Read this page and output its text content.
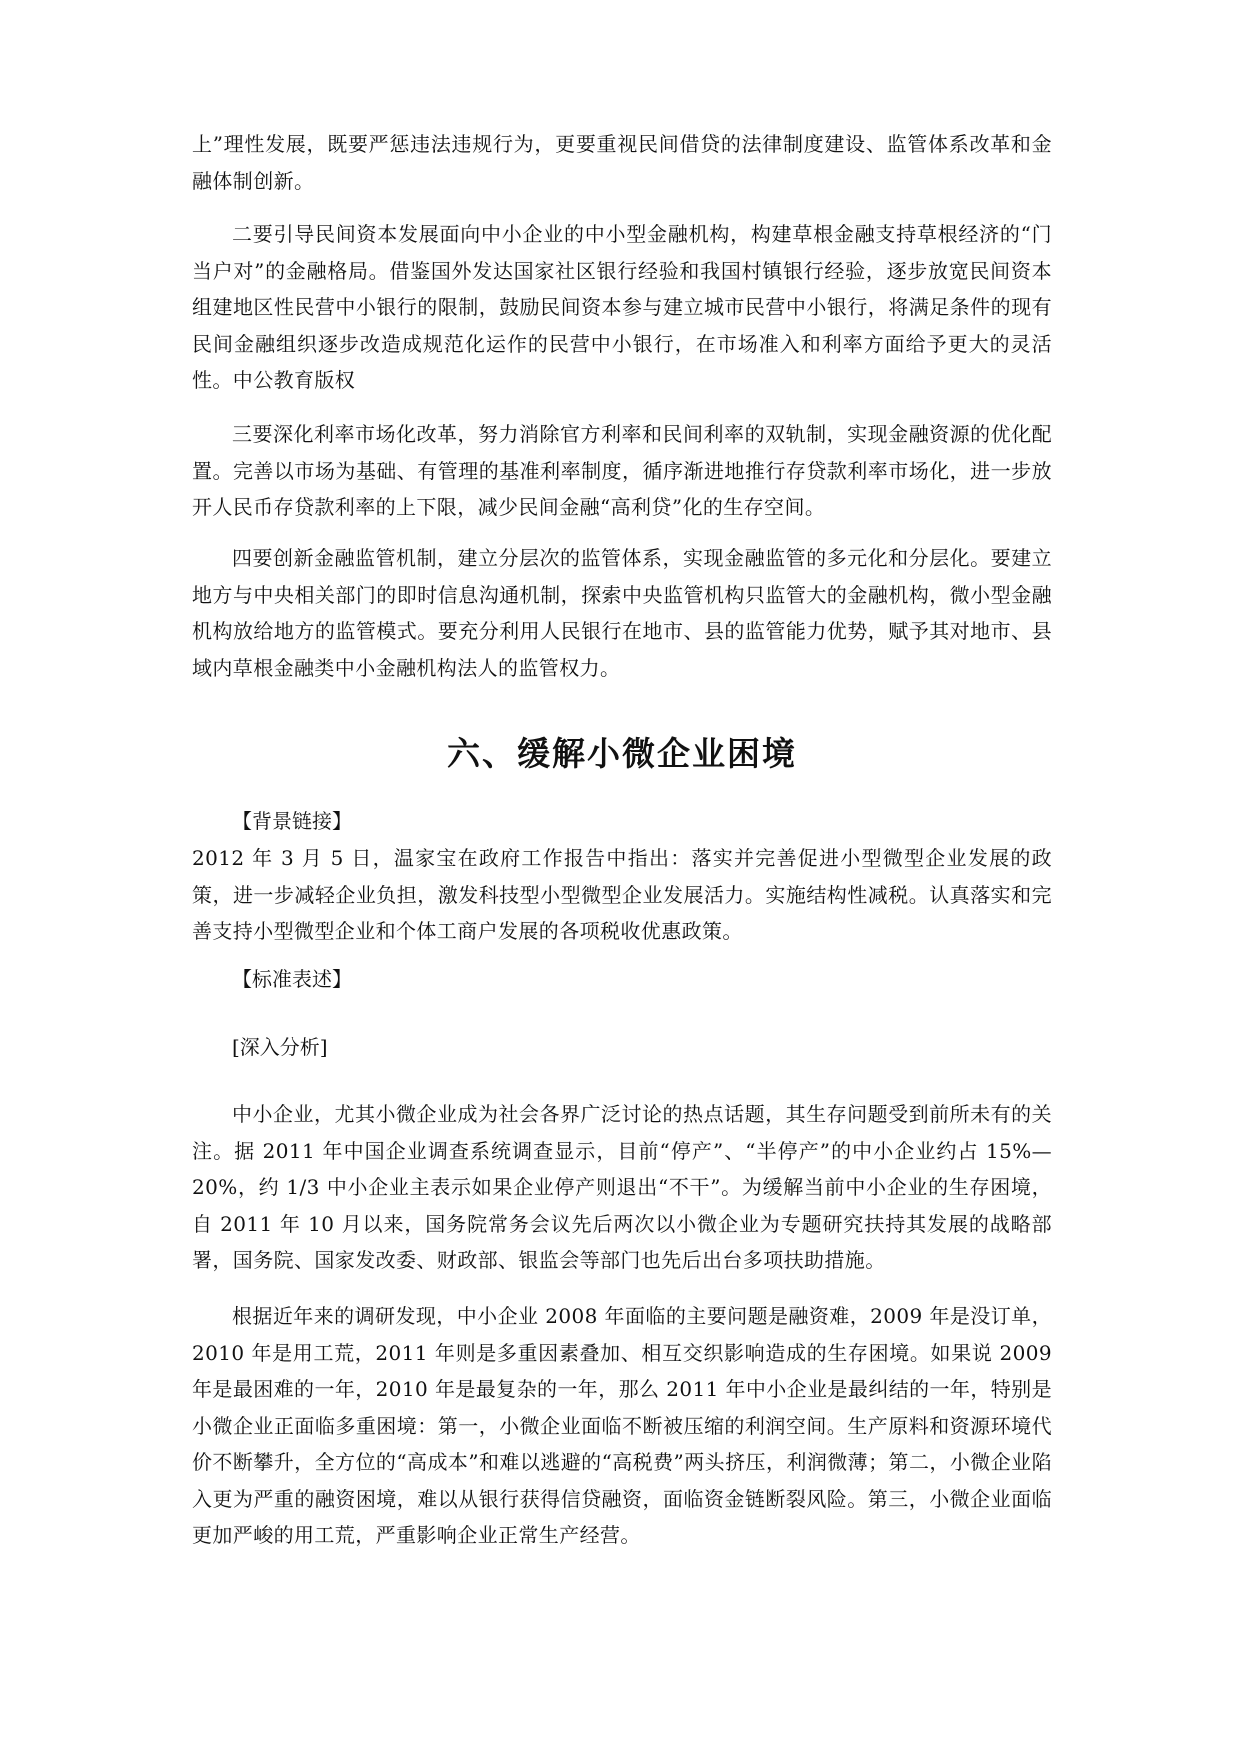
上”理性发展，既要严惩违法违规行为，更要重视民间借贷的法律制度建设、监管体系改革和金融体制创新。

二要引导民间资本发展面向中小企业的中小型金融机构，构建草根金融支持草根经济的“门当户对”的金融格局。借鉴国外发达国家社区银行经验和我国村镇银行经验，逐步放宽民间资本组建地区性民营中小银行的限制，鼓励民间资本参与建立城市民营中小银行，将满足条件的现有民间金融组织逐步改造成规范化运作的民营中小银行，在市场准入和利率方面给予更大的灵活性。中公教育版权

三要深化利率市场化改革，努力消除官方利率和民间利率的双轨制，实现金融资源的优化配置。完善以市场为基础、有管理的基准利率制度，循序渐进地推行存贷款利率市场化，进一步放开人民币存贷款利率的上下限，减少民间金融“高利贷”化的生存空间。

四要创新金融监管机制，建立分层次的监管体系，实现金融监管的多元化和分层化。要建立地方与中央相关部门的即时信息沟通机制，探索中央监管机构只监管大的金融机构，微小型金融机构放给地方的监管模式。要充分利用人民银行在地市、县的监管能力优势，赋予其对地市、县域内草根金融类中小金融机构法人的监管权力。

六、缓解小微企业困境

【背景链接】

2012 年 3 月 5 日，温家宝在政府工作报告中指出：落实并完善促进小型微型企业发展的政策，进一步减轻企业负担，激发科技型小型微型企业发展活力。实施结构性减税。认真落实和完善支持小型微型企业和个体工商户发展的各项税收优惠政策。

【标准表述】

[深入分析]

中小企业，尤其小微企业成为社会各界广泛讨论的热点话题，其生存问题受到前所未有的关注。据 2011 年中国企业调查系统调查显示，目前“停产”、“半停产”的中小企业约占 15%—20%，约 1/3 中小企业主表示如果企业停产则退出“不干”。为缓解当前中小企业的生存困境，自 2011 年 10 月以来，国务院常务会议先后两次以小微企业为专题研究扶持其发展的战略部署，国务院、国家发改委、财政部、银监会等部门也先后出台多项扶助措施。

根据近年来的调研发现，中小企业 2008 年面临的主要问题是融资难，2009 年是没订单，2010 年是用工荒，2011 年则是多重因素叠加、相互交织影响造成的生存困境。如果说 2009 年是最困难的一年，2010 年是最复杂的一年，那么 2011 年中小企业是最纠结的一年，特别是小微企业正面临多重困境：第一，小微企业面临不断被压缩的利润空间。生产原料和资源环境代价不断攀升，全方位的“高成本”和难以逃避的“高税费”两头挤压，利润微薄；第二，小微企业陷入更为严重的融资困境，难以从银行获得信贷融资，面临资金链断裂风险。第三，小微企业面临更加严峻的用工荒，严重影响企业正常生产经营。
